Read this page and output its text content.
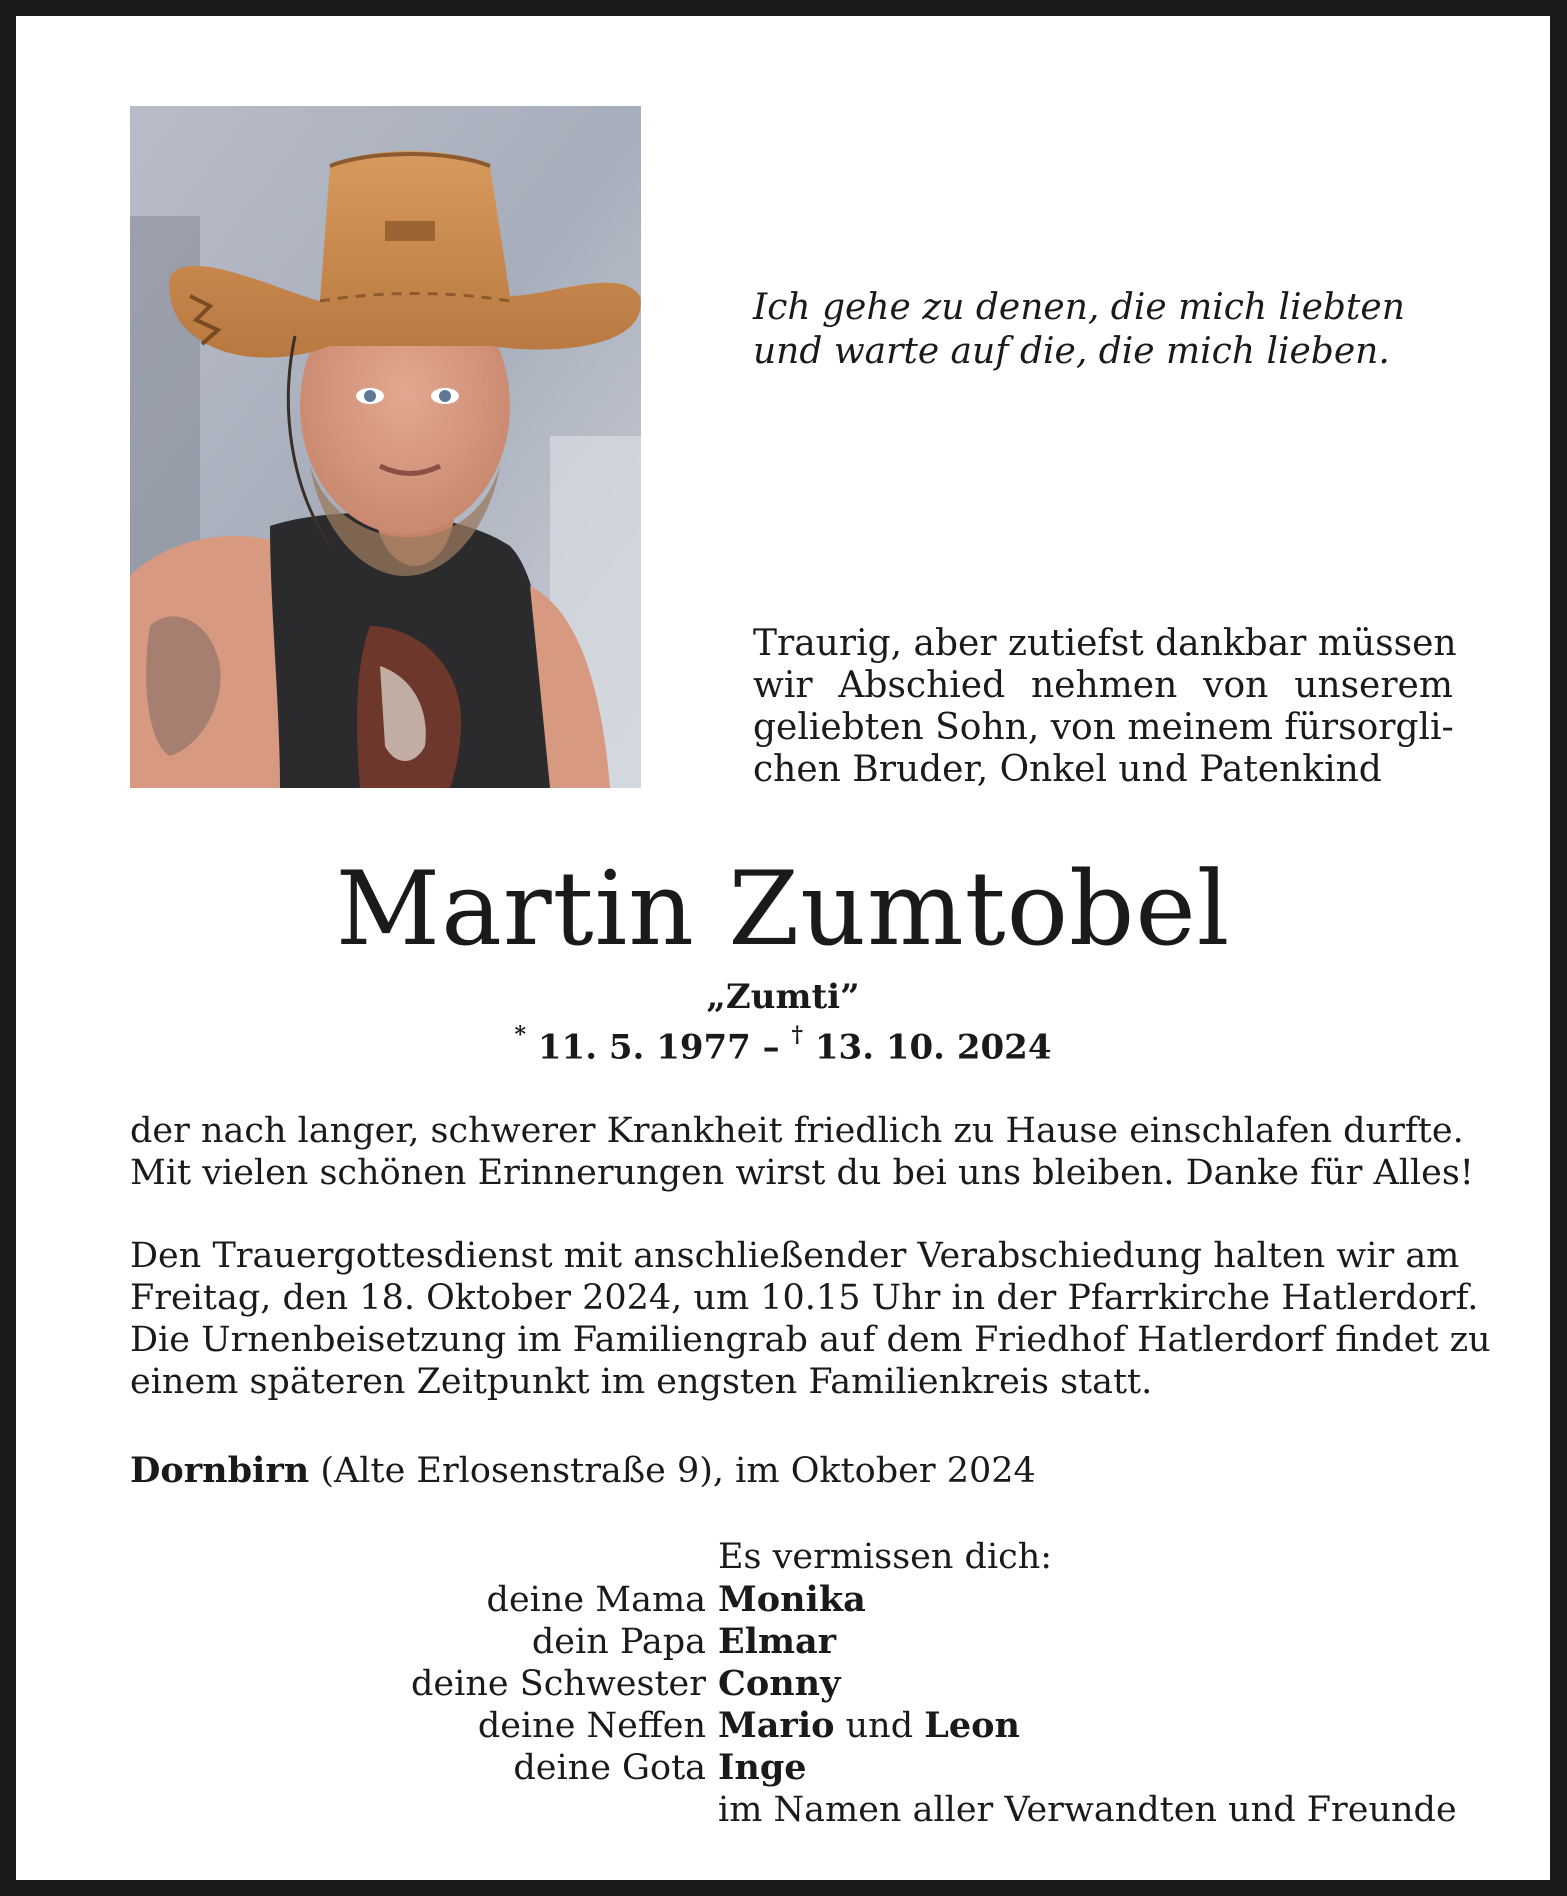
Ich gehe zu denen, die mich liebten
und warte auf die, die mich lieben.
Traurig, aber zutiefst dankbar müssen
wir Abschied nehmen von unserem
geliebten Sohn, von meinem fürsorgli-
chen Bruder, Onkel und Patenkind
Martin Zumtobel
„Zumti”
* 11. 5. 1977 – † 13. 10. 2024
der nach langer, schwerer Krankheit friedlich zu Hause einschlafen durfte.
Mit vielen schönen Erinnerungen wirst du bei uns bleiben. Danke für Alles!
Den Trauergottesdienst mit anschließender Verabschiedung halten wir am
Freitag, den 18. Oktober 2024, um 10.15 Uhr in der Pfarrkirche Hatlerdorf.
Die Urnenbeisetzung im Familiengrab auf dem Friedhof Hatlerdorf findet zu
einem späteren Zeitpunkt im engsten Familienkreis statt.
Dornbirn (Alte Erlosenstraße 9), im Oktober 2024
Es vermissen dich:
deine Mama Monika
dein Papa Elmar
deine Schwester Conny
deine Neffen Mario und Leon
deine Gota Inge
im Namen aller Verwandten und Freunde
